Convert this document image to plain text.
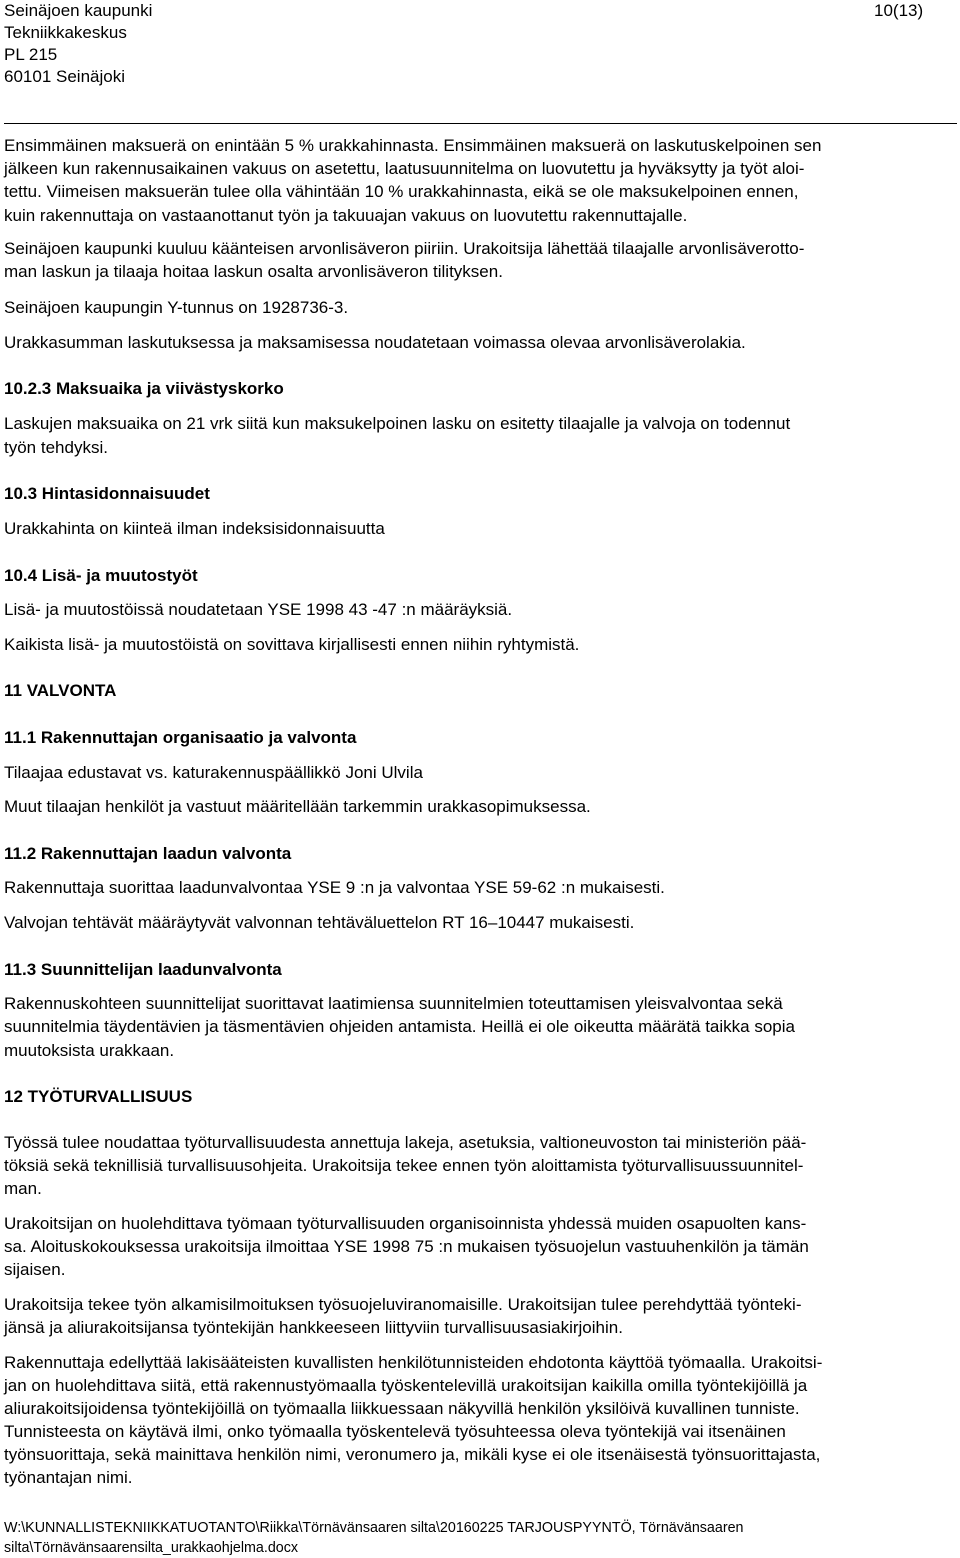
Seinäjoen kaupunki
Tekniikkakeskus
PL 215
60101 Seinäjoki
10(13)
Ensimmäinen maksuerä on enintään 5 % urakkahinnasta. Ensimmäinen maksuerä on laskutuskelpoinen sen
jälkeen kun rakennusaikainen vakuus on asetettu, laatusuunnitelma on luovutettu ja hyväksytty ja työt aloi-
tettu. Viimeisen maksuerän tulee olla vähintään 10 % urakkahinnasta, eikä se ole maksukelpoinen ennen,
kuin rakennuttaja on vastaanottanut työn ja takuuajan vakuus on luovutettu rakennuttajalle.
Seinäjoen kaupunki kuuluu käänteisen arvonlisäveron piiriin. Urakoitsija lähettää tilaajalle arvonlisäverotto-
man laskun ja tilaaja hoitaa laskun osalta arvonlisäveron tilityksen.
Seinäjoen kaupungin Y-tunnus on 1928736-3.
Urakkasumman laskutuksessa ja maksamisessa noudatetaan voimassa olevaa arvonlisäverolakia.
10.2.3 Maksuaika ja viivästyskorko
Laskujen maksuaika on 21 vrk siitä kun maksukelpoinen lasku on esitetty tilaajalle ja valvoja on todennut
työn tehdyksi.
10.3 Hintasidonnaisuudet
Urakkahinta on kiinteä ilman indeksisidonnaisuutta
10.4 Lisä- ja muutostyöt
Lisä- ja muutostöissä noudatetaan YSE 1998 43 -47 :n määräyksiä.
Kaikista lisä- ja muutostöistä on sovittava kirjallisesti ennen niihin ryhtymistä.
11 VALVONTA
11.1 Rakennuttajan organisaatio ja valvonta
Tilaajaa edustavat vs. katurakennuspäällikkö Joni Ulvila
Muut tilaajan henkilöt ja vastuut määritellään tarkemmin urakkasopimuksessa.
11.2 Rakennuttajan laadun valvonta
Rakennuttaja suorittaa laadunvalvontaa YSE 9 :n ja valvontaa YSE 59-62 :n mukaisesti.
Valvojan tehtävät määräytyvät valvonnan tehtäväluettelon RT 16–10447 mukaisesti.
11.3 Suunnittelijan laadunvalvonta
Rakennuskohteen suunnittelijat suorittavat laatimiensa suunnitelmien toteuttamisen yleisvalvontaa sekä
suunnitelmia täydentävien ja täsmentävien ohjeiden antamista. Heillä ei ole oikeutta määrätä taikka sopia
muutoksista urakkaan.
12 TYÖTURVALLISUUS
Työssä tulee noudattaa työturvallisuudesta annettuja lakeja, asetuksia, valtioneuvoston tai ministeriön pää-
töksiä sekä teknillisiä turvallisuusohjeita. Urakoitsija tekee ennen työn aloittamista työturvallisuussuunnitel-
man.
Urakoitsijan on huolehdittava työmaan työturvallisuuden organisoinnista yhdessä muiden osapuolten kans-
sa. Aloituskokouksessa urakoitsija ilmoittaa YSE 1998 75 :n mukaisen työsuojelun vastuuhenkilön ja tämän
sijaisen.
Urakoitsija tekee työn alkamisilmoituksen työsuojeluviranomaisille. Urakoitsijan tulee perehdyttää työnteki-
jänsä ja aliurakoitsijansa työntekijän hankkeeseen liittyviin turvallisuusasiakirjoihin.
Rakennuttaja edellyttää lakisääteisten kuvallisten henkilötunnisteiden ehdotonta käyttöä työmaalla. Urakoitsi-
jan on huolehdittava siitä, että rakennustyömaalla työskentelevillä urakoitsijan kaikilla omilla työntekijöillä ja
aliurakoitsijoidensa työntekijöillä on työmaalla liikkuessaan näkyvillä henkilön yksilöivä kuvallinen tunniste.
Tunnisteesta on käytävä ilmi, onko työmaalla työskentelevä työsuhteessa oleva työntekijä vai itsenäinen
työnsuorittaja, sekä mainittava henkilön nimi, veronumero ja, mikäli kyse ei ole itsenäisestä työnsuorittajasta,
työnantajan nimi.
W:\KUNNALLISTEKNIIKKATUOTANTO\Riikka\Törnävänsaaren silta\20160225 TARJOUSPYYNTÖ, Törnävänsaaren
silta\Törnävänsaarensilta_urakkaohjelma.docx
